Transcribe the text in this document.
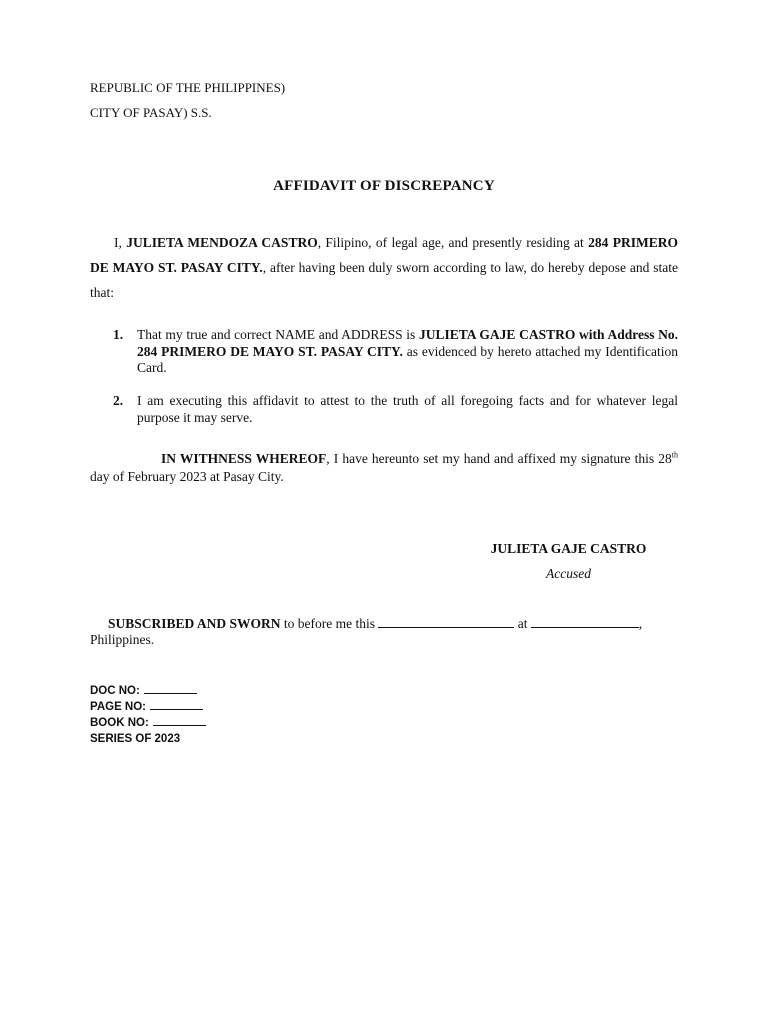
REPUBLIC OF THE PHILIPPINES)
CITY OF PASAY) S.S.
AFFIDAVIT OF DISCREPANCY
I, JULIETA MENDOZA CASTRO, Filipino, of legal age, and presently residing at 284 PRIMERO DE MAYO ST. PASAY CITY., after having been duly sworn according to law, do hereby depose and state that:
1.	That my true and correct NAME and ADDRESS is JULIETA GAJE CASTRO with Address No. 284 PRIMERO DE MAYO ST. PASAY CITY. as evidenced by hereto attached my Identification Card.
2.	I am executing this affidavit to attest to the truth of all foregoing facts and for whatever legal purpose it may serve.
IN WITHNESS WHEREOF, I have hereunto set my hand and affixed my signature this 28th day of February 2023 at Pasay City.
JULIETA GAJE CASTRO
Accused
SUBSCRIBED AND SWORN to before me this	at	,
Philippines.
DOC NO:
PAGE NO:
BOOK NO:
SERIES OF 2023
